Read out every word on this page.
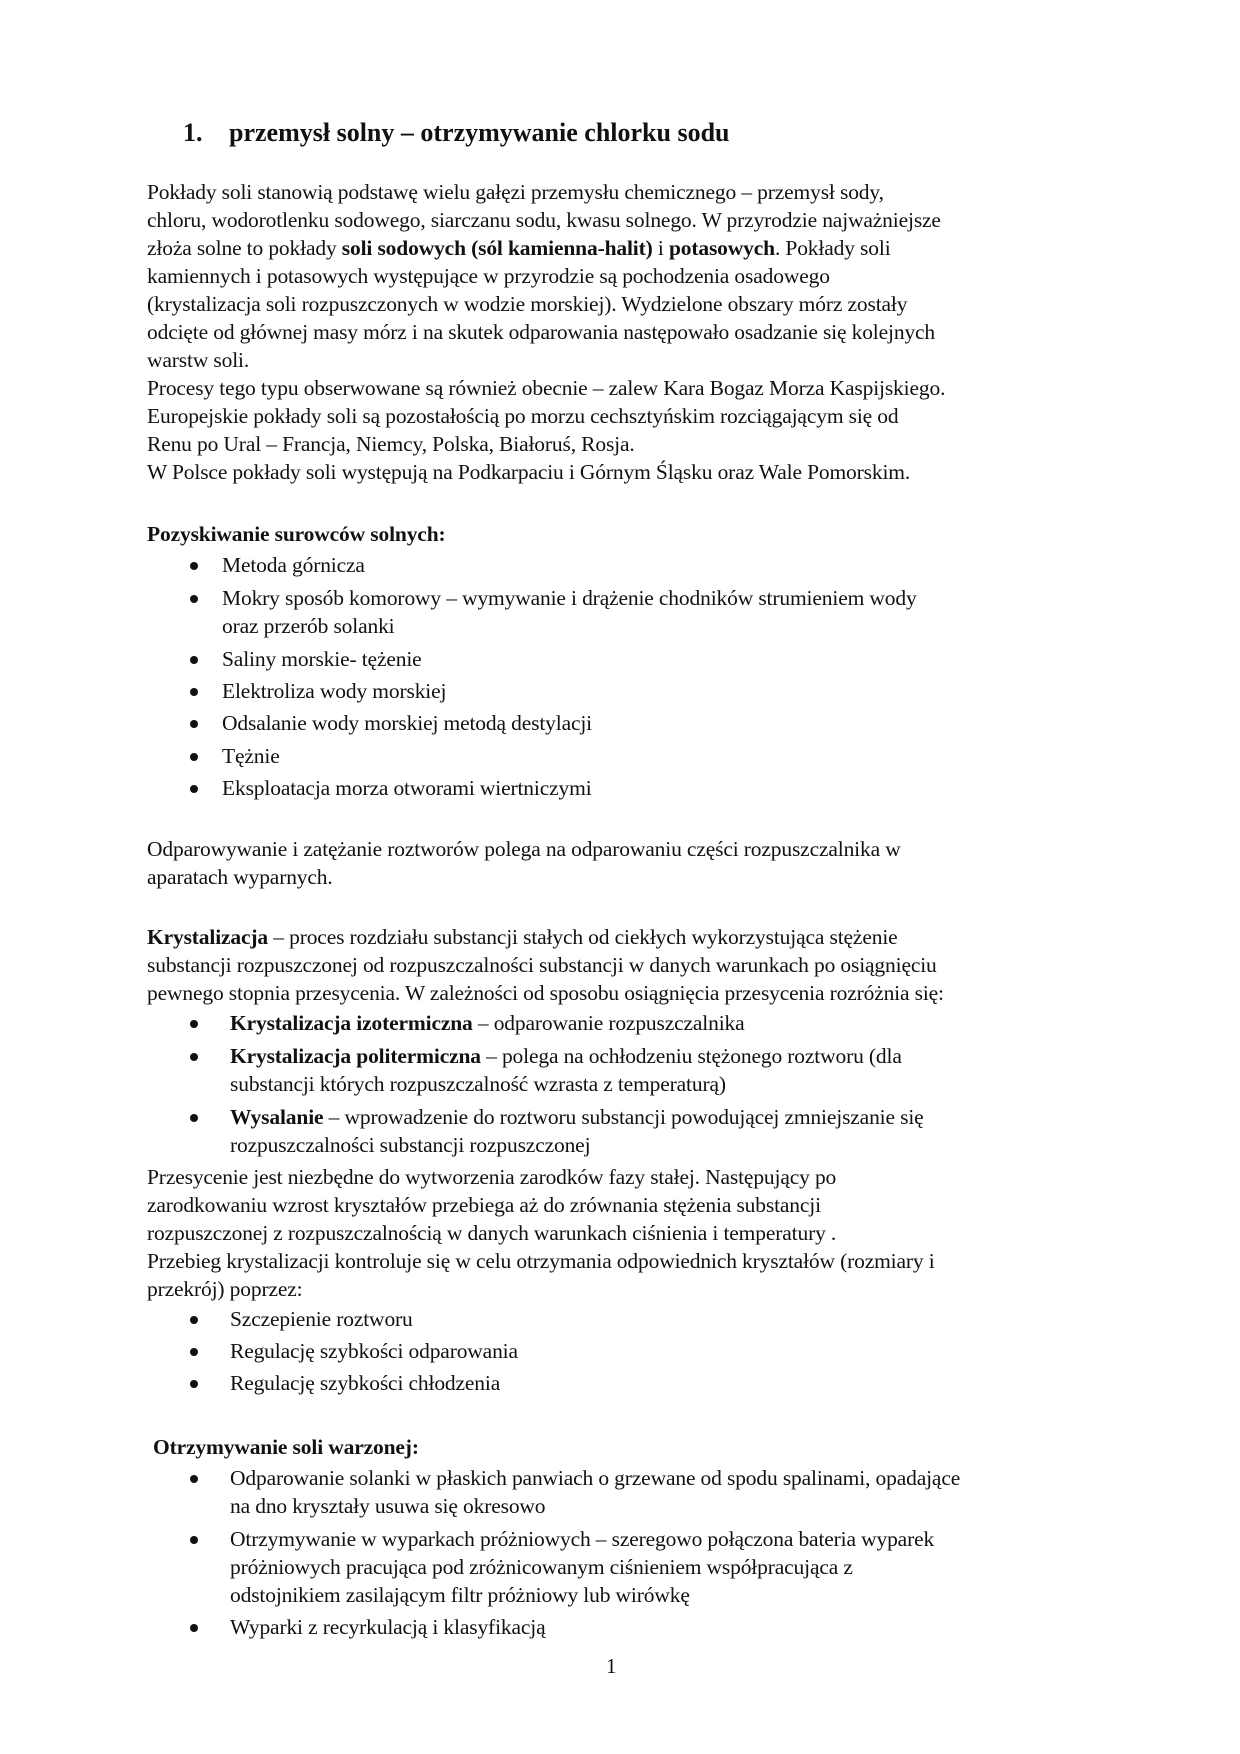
1. przemysł solny – otrzymywanie chlorku sodu
Pokłady soli stanowią podstawę wielu gałęzi przemysłu chemicznego – przemysł sody,
chloru, wodorotlenku sodowego, siarczanu sodu, kwasu solnego. W przyrodzie najważniejsze
złoża solne to pokłady soli sodowych (sól kamienna-halit) i potasowych. Pokłady soli
kamiennych i potasowych występujące w przyrodzie są pochodzenia osadowego
(krystalizacja soli rozpuszczonych w wodzie morskiej). Wydzielone obszary mórz zostały
odcięte od głównej masy mórz i na skutek odparowania następowało osadzanie się kolejnych
warstw soli.
Procesy tego typu obserwowane są również obecnie – zalew Kara Bogaz Morza Kaspijskiego.
Europejskie pokłady soli są pozostałością po morzu cechsztyńskim rozciągającym się od
Renu po Ural – Francja, Niemcy, Polska, Białoruś, Rosja.
W Polsce pokłady soli występują na Podkarpaciu i Górnym Śląsku oraz Wale Pomorskim.
Pozyskiwanie surowców solnych:
Metoda górnicza
Mokry sposób komorowy – wymywanie i drążenie chodników strumieniem wody
oraz przerób solanki
Saliny morskie- tężenie
Elektroliza wody morskiej
Odsalanie wody morskiej metodą destylacji
Tężnie
Eksploatacja morza otworami wiertniczymi
Odparowywanie i zatężanie roztworów polega na odparowaniu części rozpuszczalnika w
aparatach wyparnych.
Krystalizacja – proces rozdziału substancji stałych od ciekłych wykorzystująca stężenie
substancji rozpuszczonej od rozpuszczalności substancji w danych warunkach po osiągnięciu
pewnego stopnia przesycenia. W zależności od sposobu osiągnięcia przesycenia rozróżnia się:
Krystalizacja izotermiczna – odparowanie rozpuszczalnika
Krystalizacja politermiczna – polega na ochłodzeniu stężonego roztworu (dla
substancji których rozpuszczalność wzrasta z temperaturą)
Wysalanie – wprowadzenie do roztworu substancji powodującej zmniejszanie się
rozpuszczalności substancji rozpuszczonej
Przesycenie jest niezbędne do wytworzenia zarodków fazy stałej. Następujący po
zarodkowaniu wzrost kryształów przebiega aż do zrównania stężenia substancji
rozpuszczonej z rozpuszczalnością w danych warunkach ciśnienia i temperatury .
Przebieg krystalizacji kontroluje się w celu otrzymania odpowiednich kryształów (rozmiary i
przekrój) poprzez:
Szczepienie roztworu
Regulację szybkości odparowania
Regulację szybkości chłodzenia
Otrzymywanie soli warzonej:
Odparowanie solanki w płaskich panwiach o grzewane od spodu spalinami, opadające
na dno kryształy usuwa się okresowo
Otrzymywanie w wyparkach próżniowych – szeregowo połączona bateria wyparek
próżniowych pracująca pod zróżnicowanym ciśnieniem współpracująca z
odstojnikiem zasilającym filtr próżniowy lub wirówkę
Wyparki z recyrkulacją i klasyfikacją
1
